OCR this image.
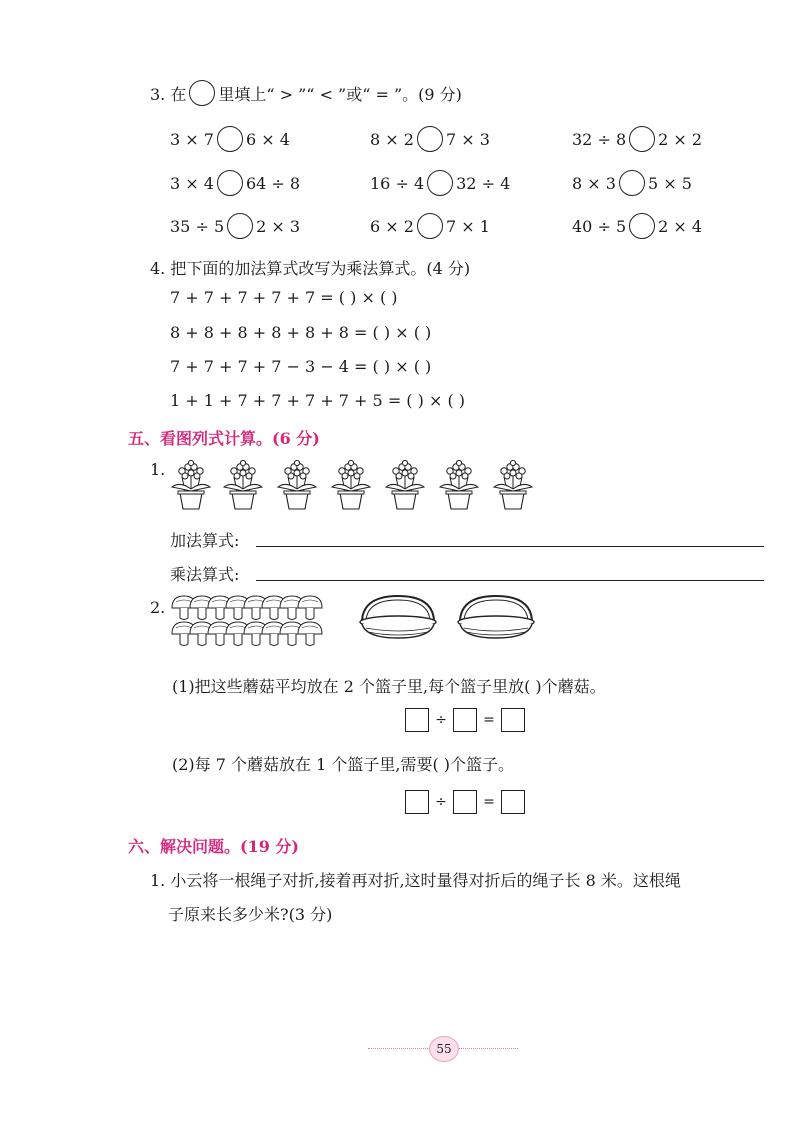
3. 在 里填上“ > ”“ < ”或“ = ”。(9 分)
3 × 7 6 × 4	8 × 2 7 × 3	32 ÷ 8 2 × 2
3 × 4 64 ÷ 8	16 ÷ 4 32 ÷ 4	8 × 3 5 × 5
35 ÷ 5 2 × 3	6 × 2 7 × 1	40 ÷ 5 2 × 4
4. 把下面的加法算式改写为乘法算式。(4 分)
7 + 7 + 7 + 7 + 7 = ( ) × ( )
8 + 8 + 8 + 8 + 8 + 8 = ( ) × ( )
7 + 7 + 7 + 7 − 3 − 4 = ( ) × ( )
1 + 1 + 7 + 7 + 7 + 7 + 5 = ( ) × ( )
五、看图列式计算。(6 分)
1.
加法算式:
乘法算式:
2.
(1)把这些蘑菇平均放在 2 个篮子里,每个篮子里放( )个蘑菇。
÷	=
(2)每 7 个蘑菇放在 1 个篮子里,需要( )个篮子。
÷	=
六、解决问题。(19 分)
1. 小云将一根绳子对折,接着再对折,这时量得对折后的绳子长 8 米。这根绳
子原来长多少米?(3 分)
55
